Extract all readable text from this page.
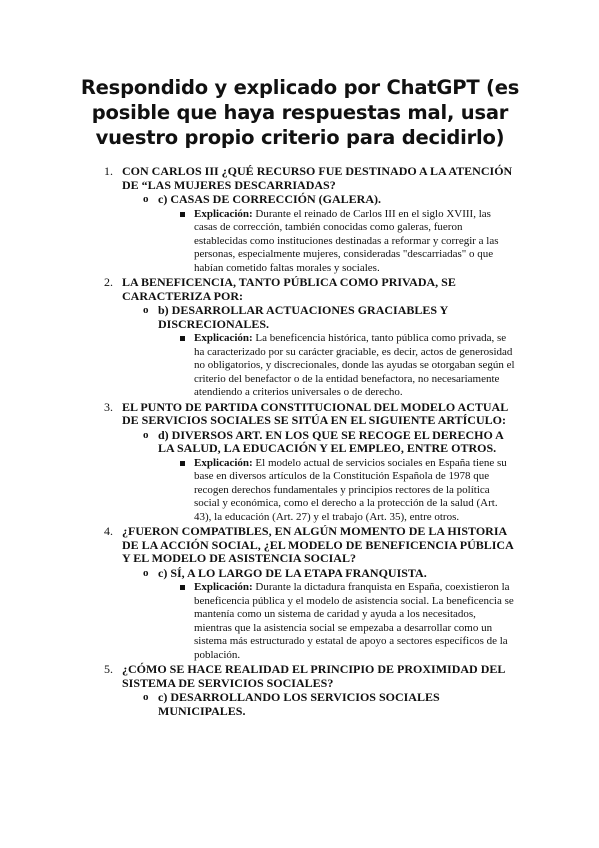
Respondido y explicado por ChatGPT (es posible que haya respuestas mal, usar vuestro propio criterio para decidirlo)
1. CON CARLOS III ¿QUÉ RECURSO FUE DESTINADO A LA ATENCIÓN DE “LAS MUJERES DESCARRIADAS?
o c) CASAS DE CORRECCIÓN (GALERA).
Explicación: Durante el reinado de Carlos III en el siglo XVIII, las casas de corrección, también conocidas como galeras, fueron establecidas como instituciones destinadas a reformar y corregir a las personas, especialmente mujeres, consideradas "descarriadas" o que habían cometido faltas morales y sociales.
2. LA BENEFICENCIA, TANTO PÚBLICA COMO PRIVADA, SE CARACTERIZA POR:
o b) DESARROLLAR ACTUACIONES GRACIABLES Y DISCRECIONALES.
Explicación: La beneficencia histórica, tanto pública como privada, se ha caracterizado por su carácter graciable, es decir, actos de generosidad no obligatorios, y discrecionales, donde las ayudas se otorgaban según el criterio del benefactor o de la entidad benefactora, no necesariamente atendiendo a criterios universales o de derecho.
3. EL PUNTO DE PARTIDA CONSTITUCIONAL DEL MODELO ACTUAL DE SERVICIOS SOCIALES SE SITÚA EN EL SIGUIENTE ARTÍCULO:
o d) DIVERSOS ART. EN LOS QUE SE RECOGE EL DERECHO A LA SALUD, LA EDUCACIÓN Y EL EMPLEO, ENTRE OTROS.
Explicación: El modelo actual de servicios sociales en España tiene su base en diversos artículos de la Constitución Española de 1978 que recogen derechos fundamentales y principios rectores de la política social y económica, como el derecho a la protección de la salud (Art. 43), la educación (Art. 27) y el trabajo (Art. 35), entre otros.
4. ¿FUERON COMPATIBLES, EN ALGÚN MOMENTO DE LA HISTORIA DE LA ACCIÓN SOCIAL, ¿EL MODELO DE BENEFICENCIA PÚBLICA Y EL MODELO DE ASISTENCIA SOCIAL?
o c) SÍ, A LO LARGO DE LA ETAPA FRANQUISTA.
Explicación: Durante la dictadura franquista en España, coexistieron la beneficencia pública y el modelo de asistencia social. La beneficencia se mantenía como un sistema de caridad y ayuda a los necesitados, mientras que la asistencia social se empezaba a desarrollar como un sistema más estructurado y estatal de apoyo a sectores específicos de la población.
5. ¿CÓMO SE HACE REALIDAD EL PRINCIPIO DE PROXIMIDAD DEL SISTEMA DE SERVICIOS SOCIALES?
o c) DESARROLLANDO LOS SERVICIOS SOCIALES MUNICIPALES.
